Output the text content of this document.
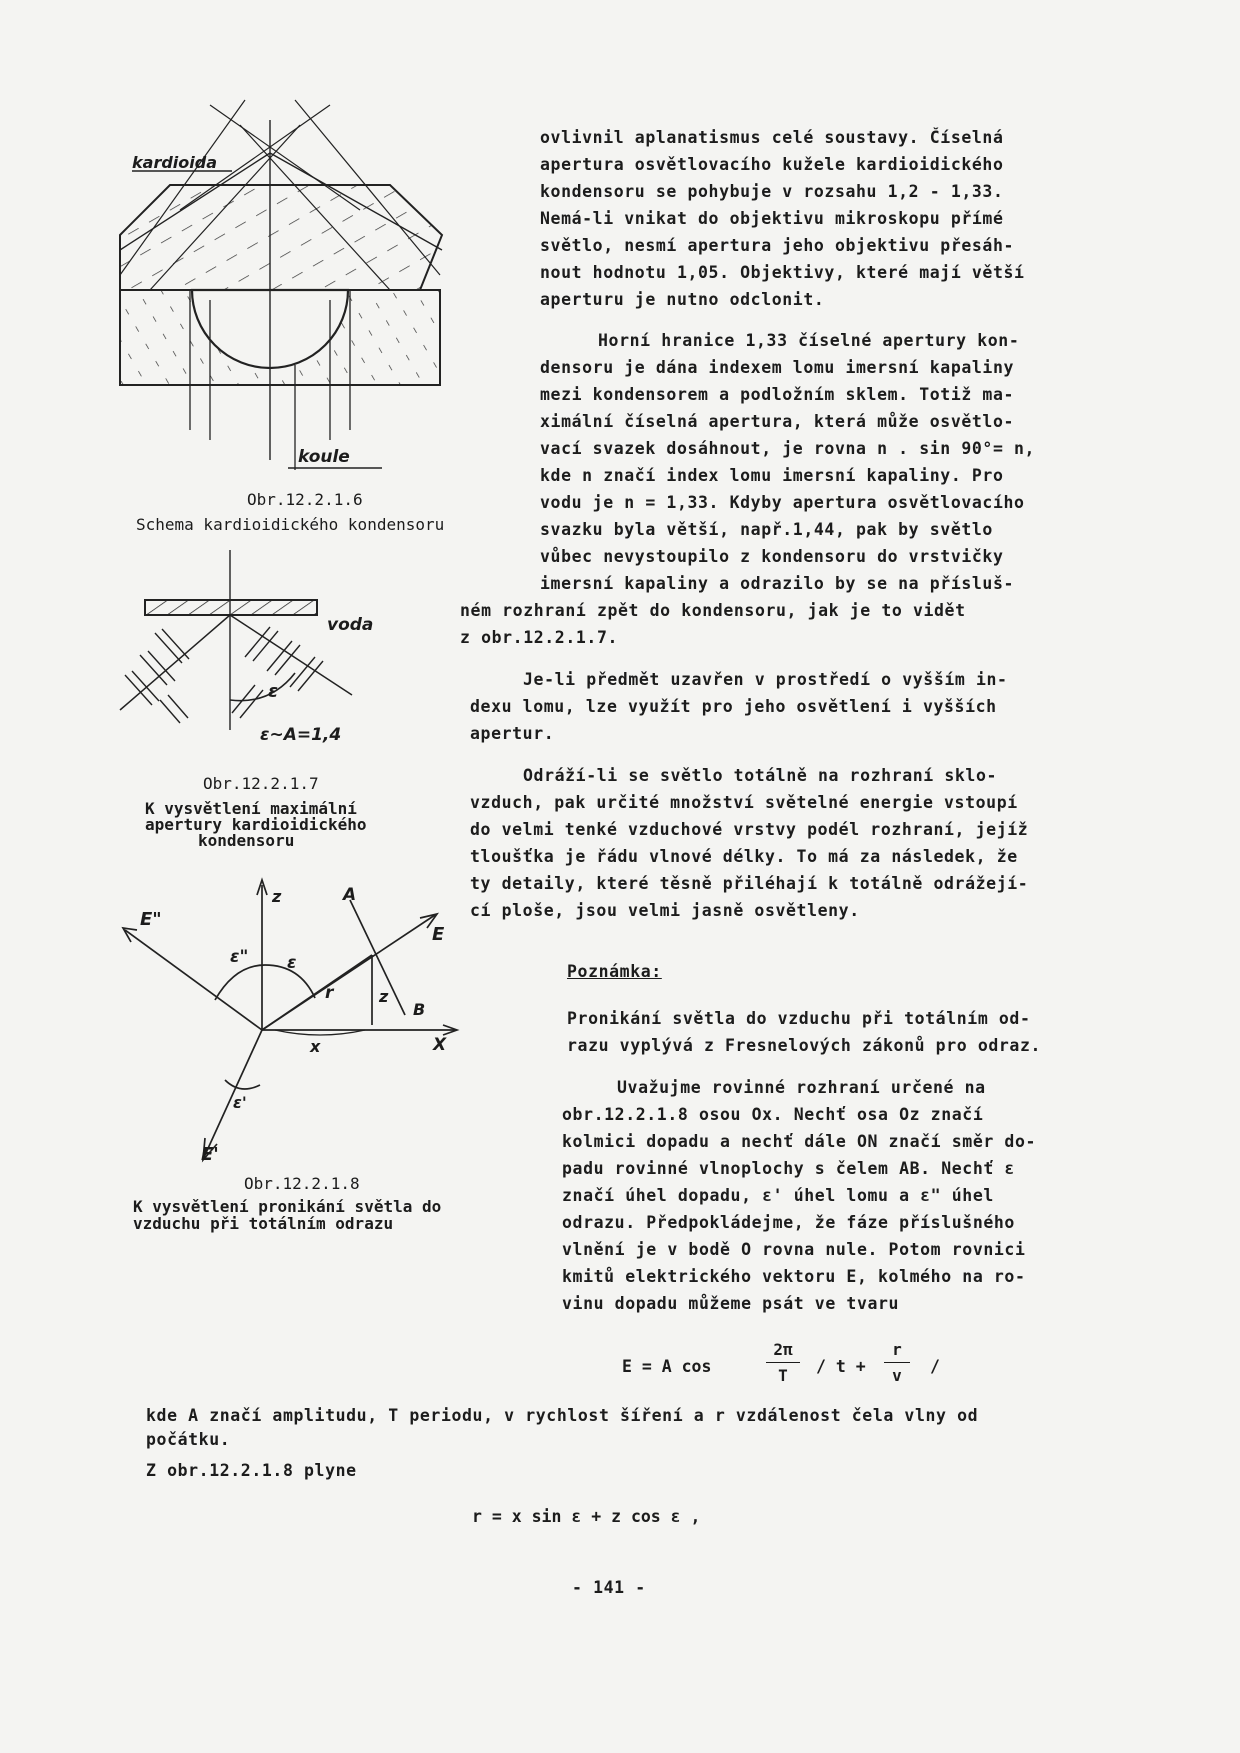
kardioida
koule
Obr.12.2.1.6
Schema kardioidického kondensoru
voda
ε
ε~A=1,4
Obr.12.2.1.7
K vysvětlení maximální
apertury kardioidického
kondensoru
z	A
E"
E
ε" ε
r	z
B
x	X
ε'
E'
Obr.12.2.1.8
K vysvětlení pronikání světla do
vzduchu při totálním odrazu
ovlivnil aplanatismus celé soustavy. Číselná
apertura osvětlovacího kužele kardioidického
kondensoru se pohybuje v rozsahu 1,2 - 1,33.
Nemá-li vnikat do objektivu mikroskopu přímé
světlo, nesmí apertura jeho objektivu přesáh-
nout hodnotu 1,05. Objektivy, které mají větší
aperturu je nutno odclonit.
Horní hranice 1,33 číselné apertury kon-
densoru je dána indexem lomu imersní kapaliny
mezi kondensorem a podložním sklem. Totiž ma-
ximální číselná apertura, která může osvětlo-
vací svazek dosáhnout, je rovna n . sin 90°= n,
kde n značí index lomu imersní kapaliny. Pro
vodu je n = 1,33. Kdyby apertura osvětlovacího
svazku byla větší, např.1,44, pak by světlo
vůbec nevystoupilo z kondensoru do vrstvičky
imersní kapaliny a odrazilo by se na přísluš-
ném rozhraní zpět do kondensoru, jak je to vidět
z obr.12.2.1.7.
Je-li předmět uzavřen v prostředí o vyšším in-
dexu lomu, lze využít pro jeho osvětlení i vyšších
apertur.
Odráží-li se světlo totálně na rozhraní sklo-
vzduch, pak určité množství světelné energie vstoupí
do velmi tenké vzduchové vrstvy podél rozhraní, jejíž
tloušťka je řádu vlnové délky. To má za následek, že
ty detaily, které těsně přiléhají k totálně odrážejí-
cí ploše, jsou velmi jasně osvětleny.
Poznámka:
Pronikání světla do vzduchu při totálním od-
razu vyplývá z Fresnelových zákonů pro odraz.
Uvažujme rovinné rozhraní určené na
obr.12.2.1.8 osou Ox. Nechť osa Oz značí
kolmici dopadu a nechť dále ON značí směr do-
padu rovinné vlnoplochy s čelem AB. Nechť ε
značí úhel dopadu, ε' úhel lomu a ε" úhel
odrazu. Předpokládejme, že fáze příslušného
vlnění je v bodě O rovna nule. Potom rovnici
kmitů elektrického vektoru E, kolmého na ro-
vinu dopadu můžeme psát ve tvaru
E = A cos
2π
T	/ t +
r
v	/
kde A značí amplitudu, T periodu, v rychlost šíření a r vzdálenost čela vlny od
počátku.
Z obr.12.2.1.8 plyne
r = x sin ε + z cos ε ,
- 141 -
